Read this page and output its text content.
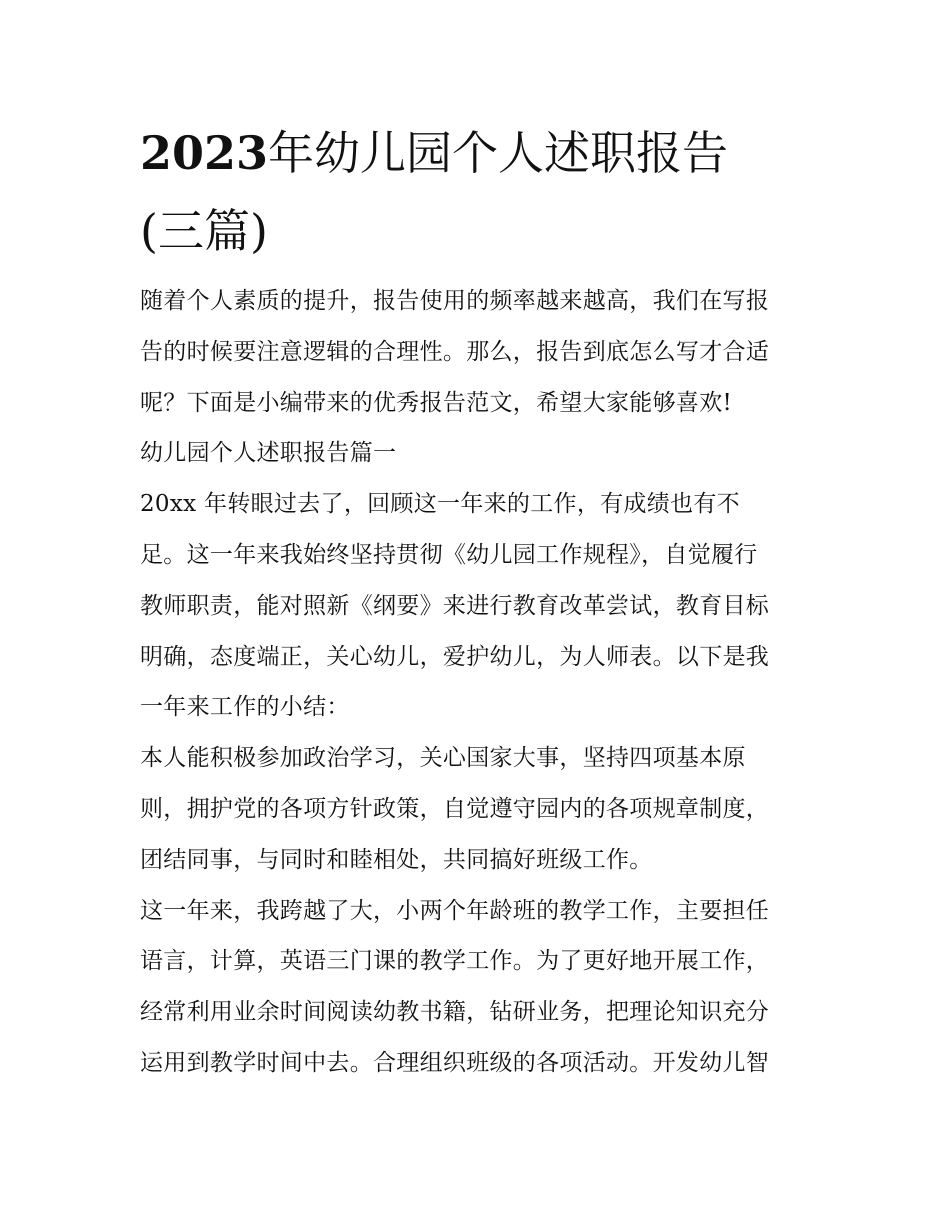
2023年幼儿园个人述职报告
(三篇)
随着个人素质的提升，报告使用的频率越来越高，我们在写报
告的时候要注意逻辑的合理性。那么，报告到底怎么写才合适
呢？下面是小编带来的优秀报告范文，希望大家能够喜欢!
幼儿园个人述职报告篇一
20xx 年转眼过去了，回顾这一年来的工作，有成绩也有不
足。这一年来我始终坚持贯彻《幼儿园工作规程》，自觉履行
教师职责，能对照新《纲要》来进行教育改革尝试，教育目标
明确，态度端正，关心幼儿，爱护幼儿，为人师表。以下是我
一年来工作的小结：
本人能积极参加政治学习，关心国家大事，坚持四项基本原
则，拥护党的各项方针政策，自觉遵守园内的各项规章制度，
团结同事，与同时和睦相处，共同搞好班级工作。
这一年来，我跨越了大，小两个年龄班的教学工作，主要担任
语言，计算，英语三门课的教学工作。为了更好地开展工作，
经常利用业余时间阅读幼教书籍，钻研业务，把理论知识充分
运用到教学时间中去。合理组织班级的各项活动。开发幼儿智
